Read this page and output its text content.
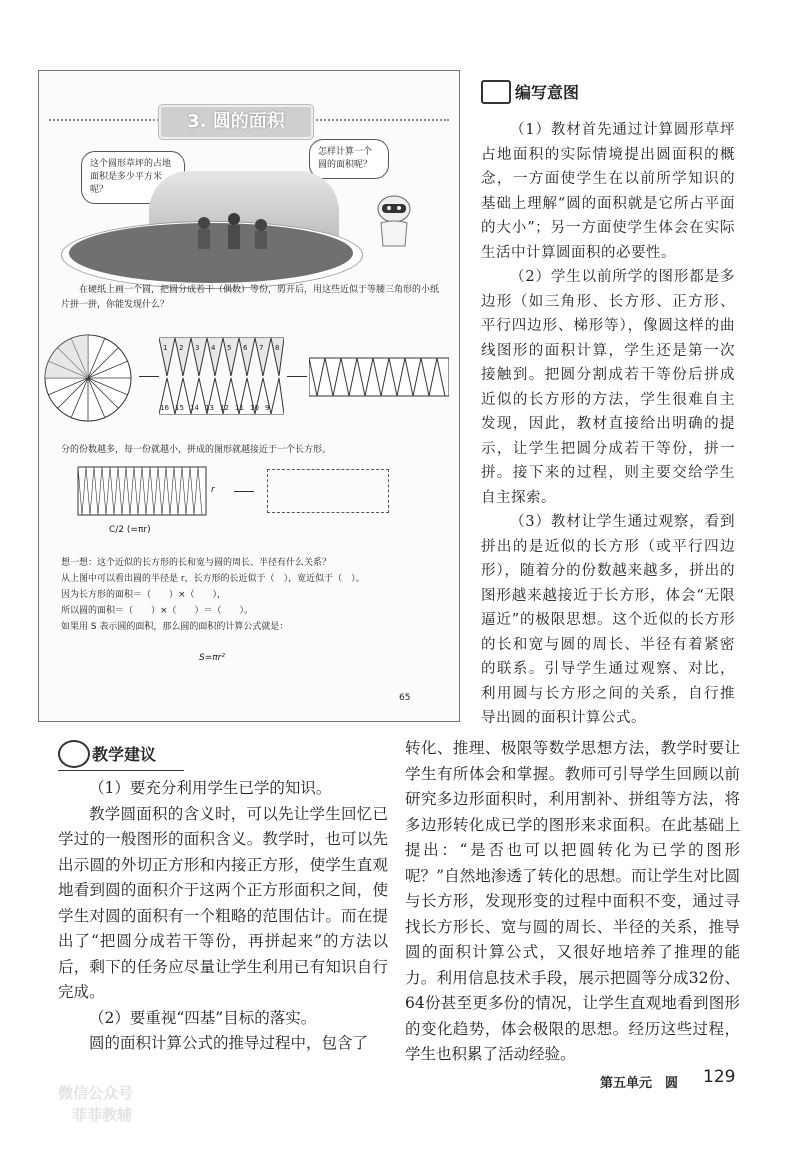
3. 圆的面积
这个圆形草坪的占地面积是多少平方米呢？
怎样计算一个圆的面积呢？
在硬纸上画一个圆，把圆分成若干（偶数）等份，剪开后，用这些近似于等腰三角形的小纸片拼一拼，你能发现什么？
分的份数越多，每一份就越小，拼成的图形就越接近于一个长方形。
r
C/2 (=πr)
想一想：这个近似的长方形的长和宽与圆的周长、半径有什么关系？
从上图中可以看出圆的半径是 r，长方形的长近似于（　），宽近似于（　）。
因为长方形的面积＝（　　）×（　　），
所以圆的面积＝（　　）×（　　）＝（　　）。
如果用 S 表示圆的面积，那么圆的面积的计算公式就是：
S=πr²
65
1 2 3 4 5 6 7 8
16 15 14 13 12 11 10 9
编写意图

（1）教材首先通过计算圆形草坪占地面积的实际情境提出圆面积的概念，一方面使学生在以前所学知识的基础上理解“圆的面积就是它所占平面的大小”；另一方面使学生体会在实际生活中计算圆面积的必要性。

（2）学生以前所学的图形都是多边形（如三角形、长方形、正方形、平行四边形、梯形等），像圆这样的曲线图形的面积计算，学生还是第一次接触到。把圆分割成若干等份后拼成近似的长方形的方法，学生很难自主发现，因此，教材直接给出明确的提示，让学生把圆分成若干等份，拼一拼。接下来的过程，则主要交给学生自主探索。

（3）教材让学生通过观察，看到拼出的是近似的长方形（或平行四边形），随着分的份数越来越多，拼出的图形越来越接近于长方形，体会“无限逼近”的极限思想。这个近似的长方形的长和宽与圆的周长、半径有着紧密的联系。引导学生通过观察、对比，利用圆与长方形之间的关系，自行推导出圆的面积计算公式。

教学建议

（1）要充分利用学生已学的知识。

教学圆面积的含义时，可以先让学生回忆已学过的一般图形的面积含义。教学时，也可以先出示圆的外切正方形和内接正方形，使学生直观地看到圆的面积介于这两个正方形面积之间，使学生对圆的面积有一个粗略的范围估计。而在提出了“把圆分成若干等份，再拼起来”的方法以后，剩下的任务应尽量让学生利用已有知识自行完成。

（2）要重视“四基”目标的落实。

圆的面积计算公式的推导过程中，包含了

转化、推理、极限等数学思想方法，教学时要让学生有所体会和掌握。教师可引导学生回顾以前研究多边形面积时，利用割补、拼组等方法，将多边形转化成已学的图形来求面积。在此基础上提出：“是否也可以把圆转化为已学的图形呢？”自然地渗透了转化的思想。而让学生对比圆与长方形，发现形变的过程中面积不变，通过寻找长方形长、宽与圆的周长、半径的关系，推导圆的面积计算公式，又很好地培养了推理的能力。利用信息技术手段，展示把圆等分成32份、64份甚至更多份的情况，让学生直观地看到图形的变化趋势，体会极限的思想。经历这些过程，学生也积累了活动经验。
第五单元　圆 129
微信公众号
菲菲教辅
